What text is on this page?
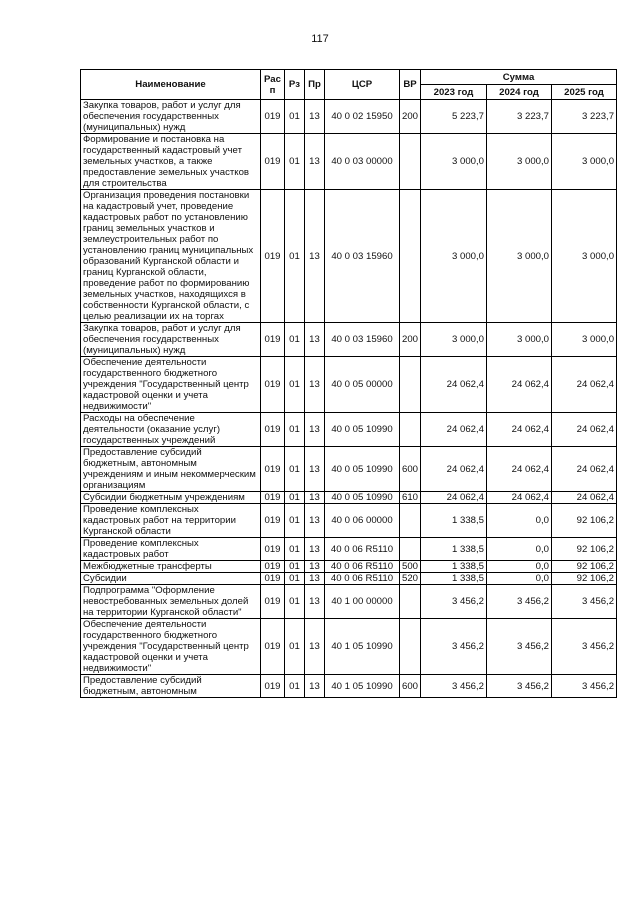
117
Наименование	Рас п	Рз	Пр	ЦСР	ВР	Сумма		
						2023 год	2024 год	2025 год
Закупка товаров, работ и услуг для обеспечения государственных (муниципальных) нужд	019	01	13	40 0 02 15950	200	5 223,7	3 223,7	3 223,7
Формирование и постановка на государственный кадастровый учет земельных участков, а также предоставление земельных участков для строительства	019	01	13	40 0 03 00000		3 000,0	3 000,0	3 000,0
Организация проведения постановки на кадастровый учет, проведение кадастровых работ по установлению границ земельных участков и землеустроительных работ по установлению границ муниципальных образований Курганской области и границ Курганской области, проведение работ по формированию земельных участков, находящихся в собственности Курганской области, с целью реализации их на торгах	019	01	13	40 0 03 15960		3 000,0	3 000,0	3 000,0
Закупка товаров, работ и услуг для обеспечения государственных (муниципальных) нужд	019	01	13	40 0 03 15960	200	3 000,0	3 000,0	3 000,0
Обеспечение деятельности государственного бюджетного учреждения "Государственный центр кадастровой оценки и учета недвижимости"	019	01	13	40 0 05 00000		24 062,4	24 062,4	24 062,4
Расходы на обеспечение деятельности (оказание услуг) государственных учреждений	019	01	13	40 0 05 10990		24 062,4	24 062,4	24 062,4
Предоставление субсидий бюджетным, автономным учреждениям и иным некоммерческим организациям	019	01	13	40 0 05 10990	600	24 062,4	24 062,4	24 062,4
Субсидии бюджетным учреждениям	019	01	13	40 0 05 10990	610	24 062,4	24 062,4	24 062,4
Проведение комплексных кадастровых работ на территории Курганской области	019	01	13	40 0 06 00000		1 338,5	0,0	92 106,2
Проведение комплексных кадастровых работ	019	01	13	40 0 06 R5110		1 338,5	0,0	92 106,2
Межбюджетные трансферты	019	01	13	40 0 06 R5110	500	1 338,5	0,0	92 106,2
Субсидии	019	01	13	40 0 06 R5110	520	1 338,5	0,0	92 106,2
Подпрограмма "Оформление невостребованных земельных долей на территории Курганской области"	019	01	13	40 1 00 00000		3 456,2	3 456,2	3 456,2
Обеспечение деятельности государственного бюджетного учреждения "Государственный центр кадастровой оценки и учета недвижимости"	019	01	13	40 1 05 10990		3 456,2	3 456,2	3 456,2
Предоставление субсидий бюджетным, автономным	019	01	13	40 1 05 10990	600	3 456,2	3 456,2	3 456,2
